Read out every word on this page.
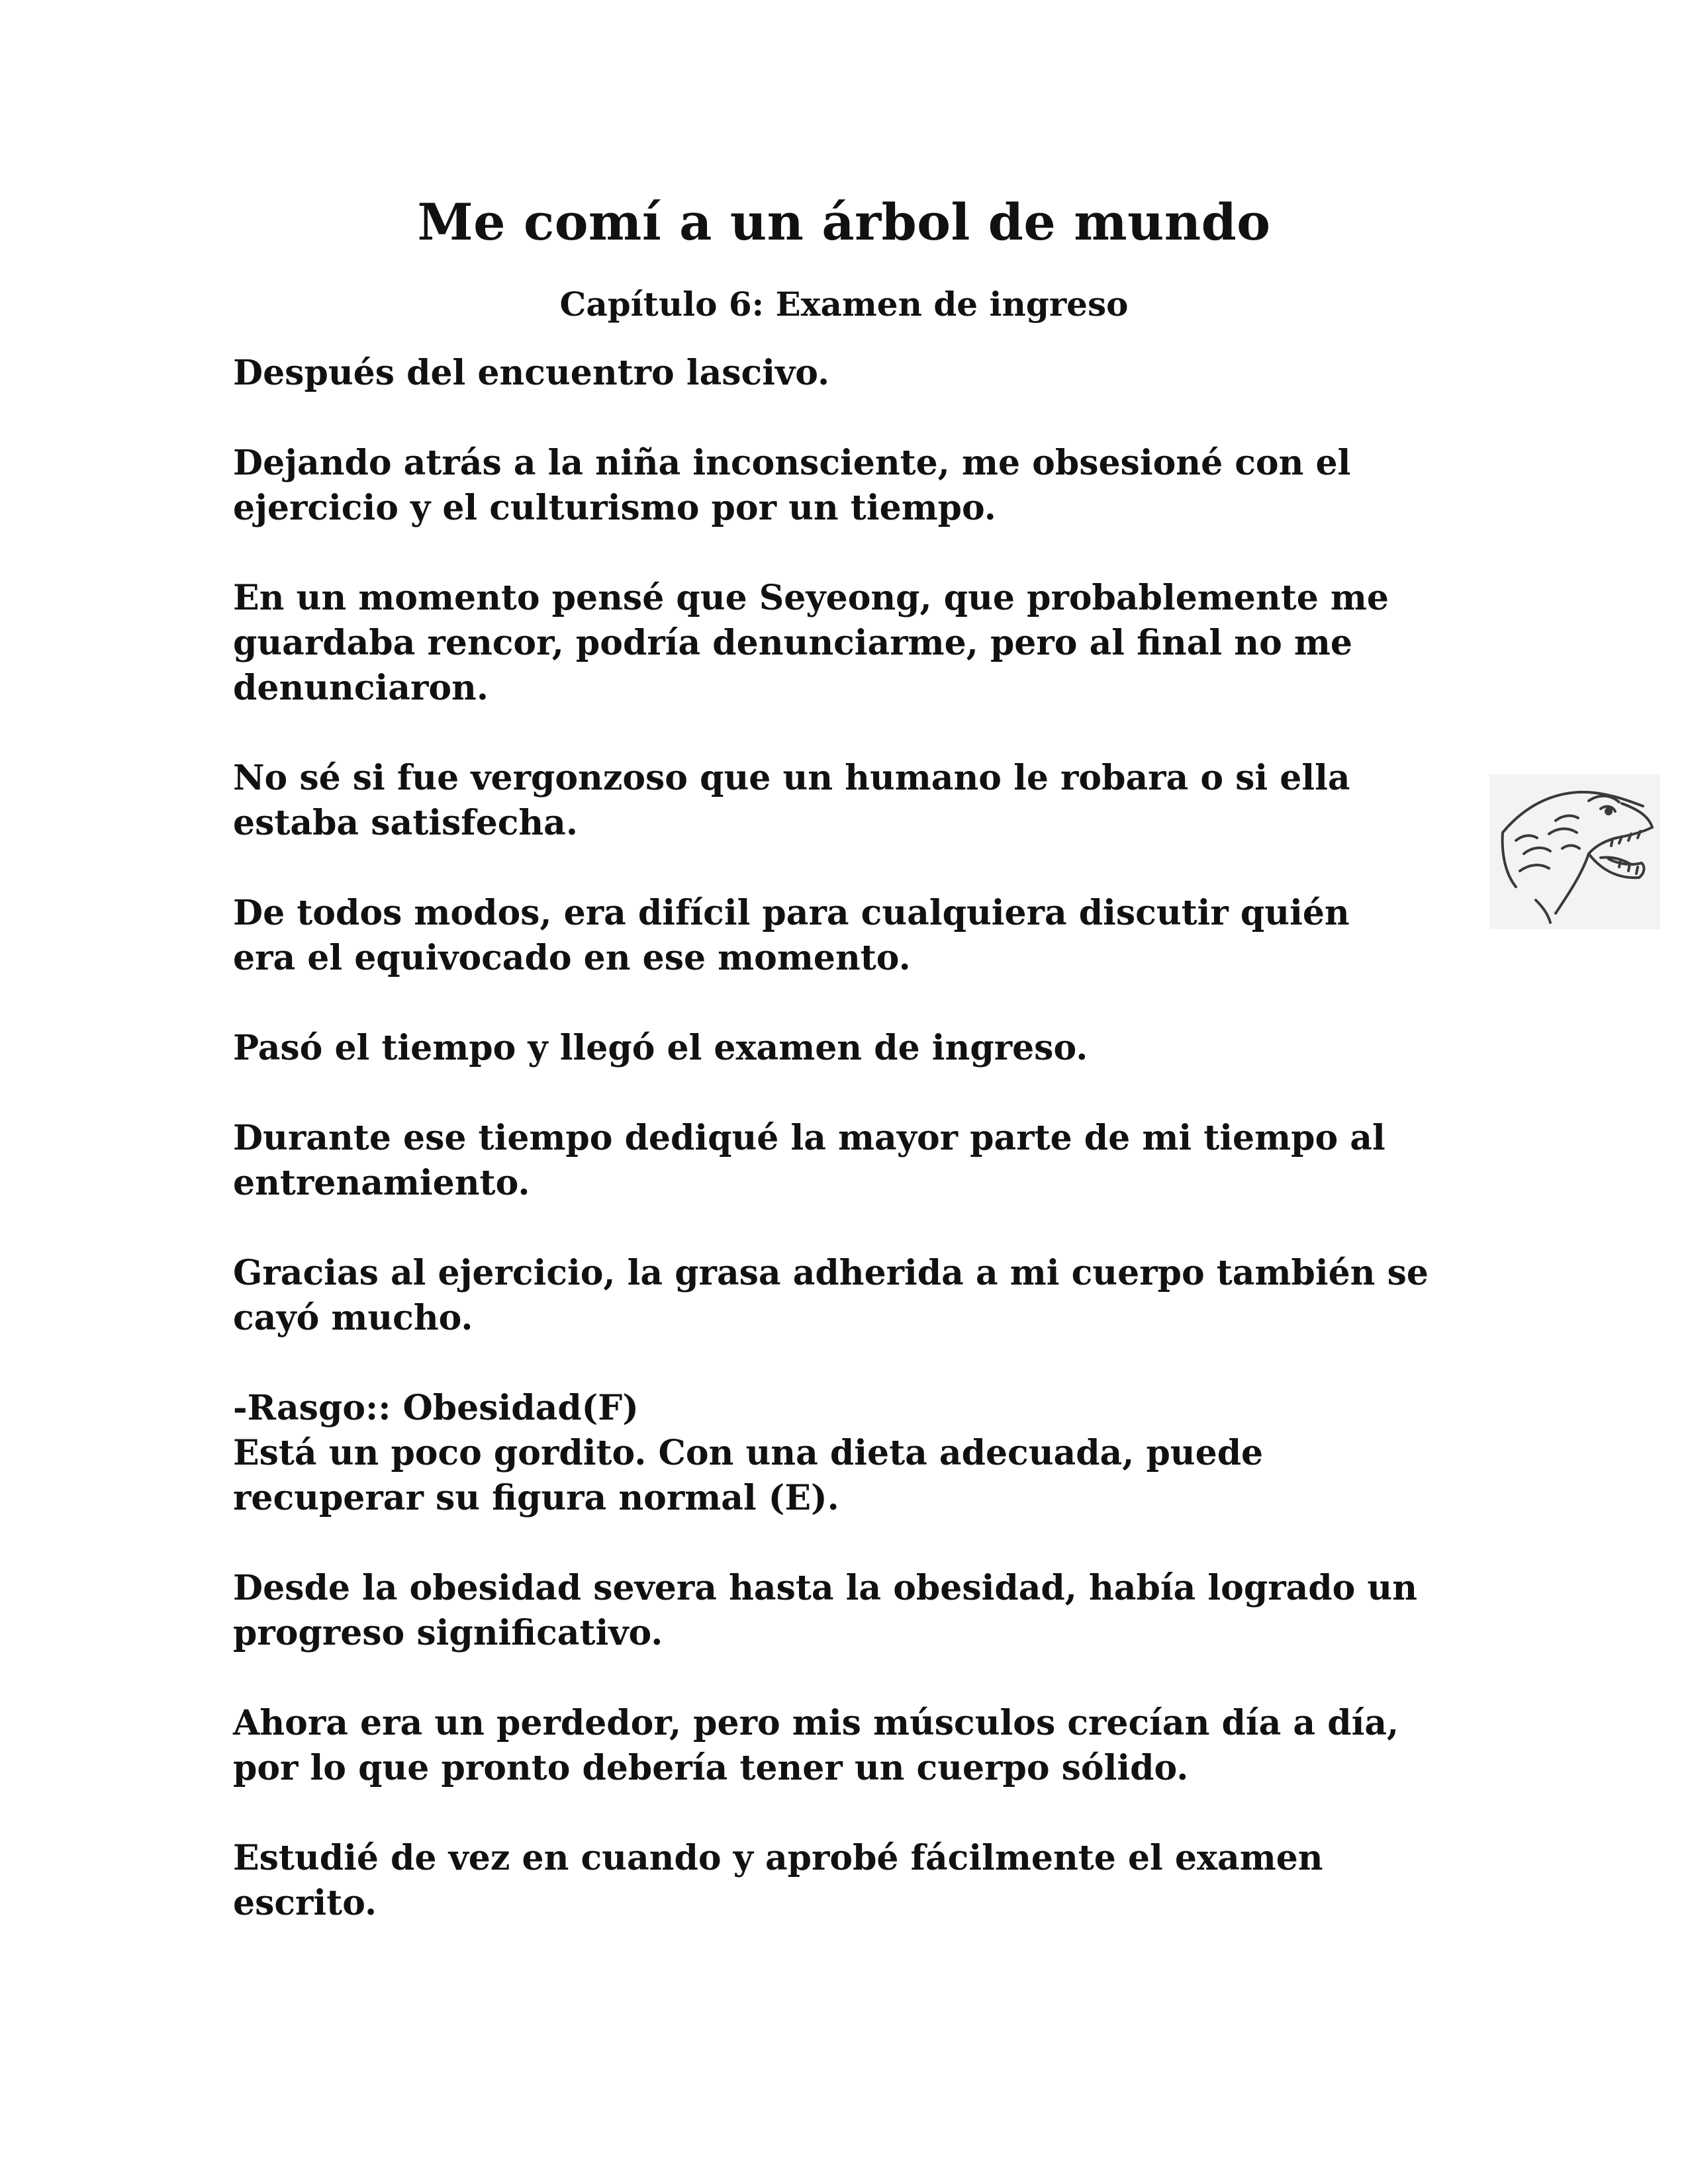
Me comí a un árbol de mundo
Capítulo 6: Examen de ingreso

Después del encuentro lascivo.

Dejando atrás a la niña inconsciente, me obsesioné con el
ejercicio y el culturismo por un tiempo.

En un momento pensé que Seyeong, que probablemente me
guardaba rencor, podría denunciarme, pero al final no me
denunciaron.

No sé si fue vergonzoso que un humano le robara o si ella
estaba satisfecha.

De todos modos, era difícil para cualquiera discutir quién
era el equivocado en ese momento.

Pasó el tiempo y llegó el examen de ingreso.

Durante ese tiempo dediqué la mayor parte de mi tiempo al
entrenamiento.

Gracias al ejercicio, la grasa adherida a mi cuerpo también se
cayó mucho.

-Rasgo:: Obesidad(F)

Está un poco gordito. Con una dieta adecuada, puede
recuperar su figura normal (E).

Desde la obesidad severa hasta la obesidad, había logrado un
progreso significativo.

Ahora era un perdedor, pero mis músculos crecían día a día,
por lo que pronto debería tener un cuerpo sólido.

Estudié de vez en cuando y aprobé fácilmente el examen
escrito.
